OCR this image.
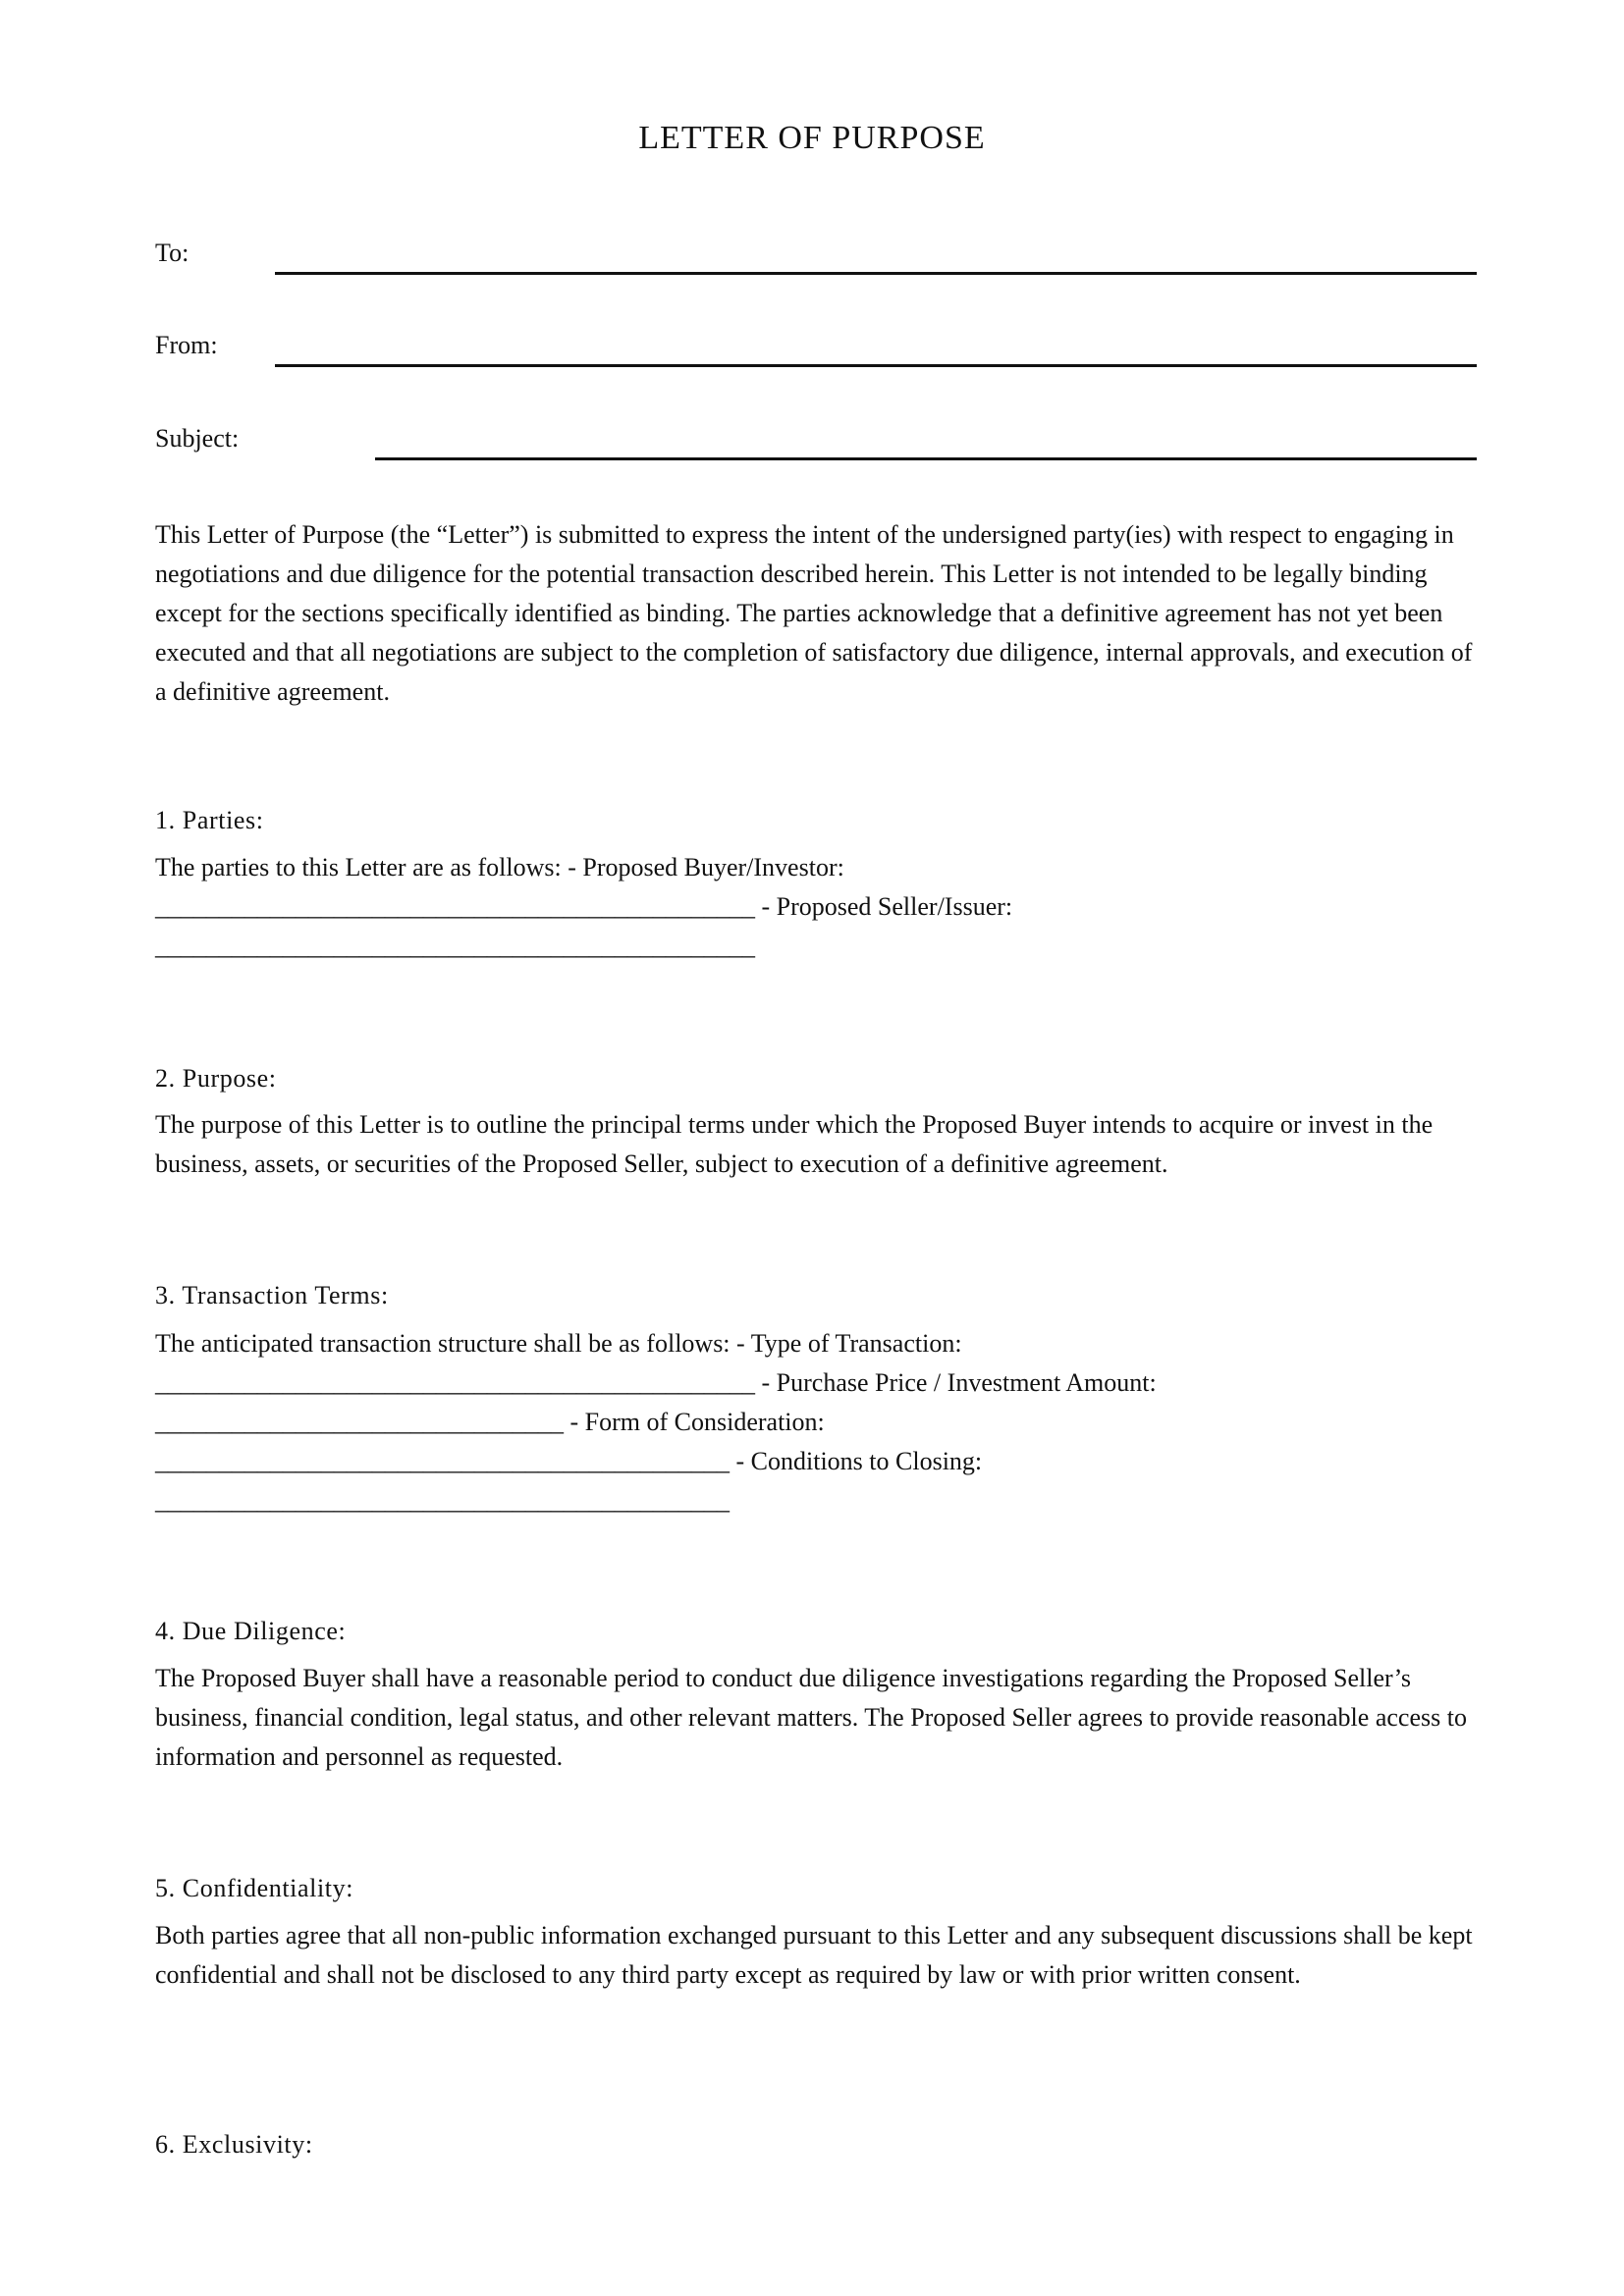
LETTER OF PURPOSE
To:
From:
Subject:

This Letter of Purpose (the “Letter”) is submitted to express the intent of the undersigned party(ies) with respect to engaging in negotiations and due diligence for the potential transaction described herein. This Letter is not intended to be legally binding except for the sections specifically identified as binding. The parties acknowledge that a definitive agreement has not yet been executed and that all negotiations are subject to the completion of satisfactory due diligence, internal approvals, and execution of a definitive agreement.

1. Parties:

The parties to this Letter are as follows: - Proposed Buyer/Investor:
_______________________________________________ - Proposed Seller/Issuer:
_______________________________________________

2. Purpose:

The purpose of this Letter is to outline the principal terms under which the Proposed Buyer intends to acquire or invest in the business, assets, or securities of the Proposed Seller, subject to execution of a definitive agreement.

3. Transaction Terms:

The anticipated transaction structure shall be as follows: - Type of Transaction:
_______________________________________________ - Purchase Price / Investment Amount:
________________________________ - Form of Consideration:
_____________________________________________ - Conditions to Closing:
_____________________________________________

4. Due Diligence:

The Proposed Buyer shall have a reasonable period to conduct due diligence investigations regarding the Proposed Seller’s business, financial condition, legal status, and other relevant matters. The Proposed Seller agrees to provide reasonable access to information and personnel as requested.

5. Confidentiality:

Both parties agree that all non-public information exchanged pursuant to this Letter and any subsequent discussions shall be kept confidential and shall not be disclosed to any third party except as required by law or with prior written consent.

6. Exclusivity:
